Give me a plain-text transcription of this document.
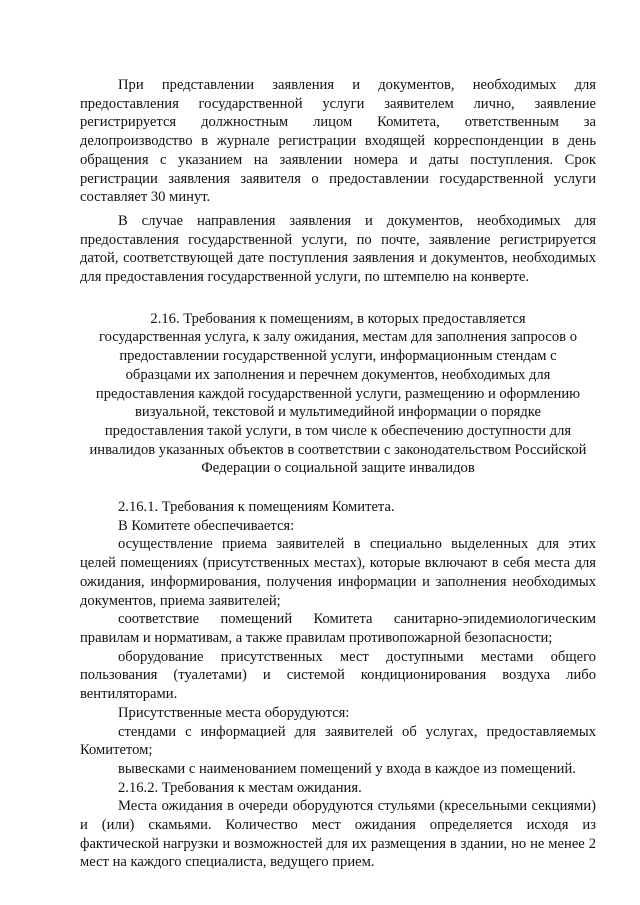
При представлении заявления и документов, необходимых для предоставления государственной услуги заявителем лично, заявление регистрируется должностным лицом Комитета, ответственным за делопроизводство в журнале регистрации входящей корреспонденции в день обращения с указанием на заявлении номера и даты поступления. Срок регистрации заявления заявителя о предоставлении государственной услуги составляет 30 минут.

В случае направления заявления и документов, необходимых для предоставления государственной услуги, по почте, заявление регистрируется датой, соответствующей дате поступления заявления и документов, необходимых для предоставления государственной услуги, по штемпелю на конверте.

2.16. Требования к помещениям, в которых предоставляется
государственная услуга, к залу ожидания, местам для заполнения запросов о
предоставлении государственной услуги, информационным стендам с
образцами их заполнения и перечнем документов, необходимых для
предоставления каждой государственной услуги, размещению и оформлению
визуальной, текстовой и мультимедийной информации о порядке
предоставления такой услуги, в том числе к обеспечению доступности для
инвалидов указанных объектов в соответствии с законодательством Российской
Федерации о социальной защите инвалидов

2.16.1. Требования к помещениям Комитета.

В Комитете обеспечивается:

осуществление приема заявителей в специально выделенных для этих целей помещениях (присутственных местах), которые включают в себя места для ожидания, информирования, получения информации и заполнения необходимых документов, приема заявителей;

соответствие помещений Комитета санитарно-эпидемиологическим правилам и нормативам, а также правилам противопожарной безопасности;

оборудование присутственных мест доступными местами общего пользования (туалетами) и системой кондиционирования воздуха либо вентиляторами.

Присутственные места оборудуются:

стендами с информацией для заявителей об услугах, предоставляемых Комитетом;

вывесками с наименованием помещений у входа в каждое из помещений.

2.16.2. Требования к местам ожидания.

Места ожидания в очереди оборудуются стульями (кресельными секциями) и (или) скамьями. Количество мест ожидания определяется исходя из фактической нагрузки и возможностей для их размещения в здании, но не менее 2 мест на каждого специалиста, ведущего прием.
